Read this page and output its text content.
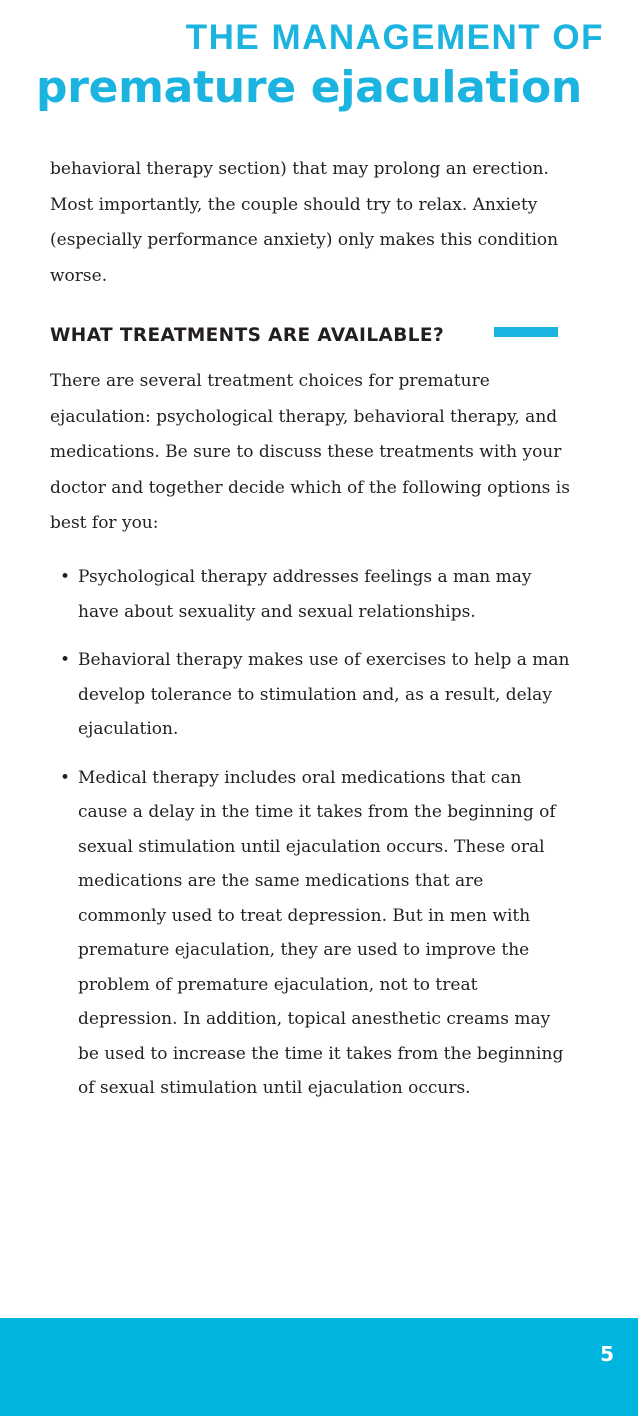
THE MANAGEMENT OF
premature ejaculation

behavioral therapy section) that may prolong an erection. Most importantly, the couple should try to relax. Anxiety (especially performance anxiety) only makes this condition worse.

WHAT TREATMENTS ARE AVAILABLE?

There are several treatment choices for premature ejaculation: psychological therapy, behavioral therapy, and medications. Be sure to discuss these treatments with your doctor and together decide which of the following options is best for you:

• Psychological therapy addresses feelings a man may have about sexuality and sexual relationships.
• Behavioral therapy makes use of exercises to help a man develop tolerance to stimulation and, as a result, delay ejaculation.
• Medical therapy includes oral medications that can cause a delay in the time it takes from the beginning of sexual stimulation until ejaculation occurs. These oral medications are the same medications that are commonly used to treat depression. But in men with premature ejaculation, they are used to improve the problem of premature ejaculation, not to treat depression. In addition, topical anesthetic creams may be used to increase the time it takes from the beginning of sexual stimulation until ejaculation occurs.
5
